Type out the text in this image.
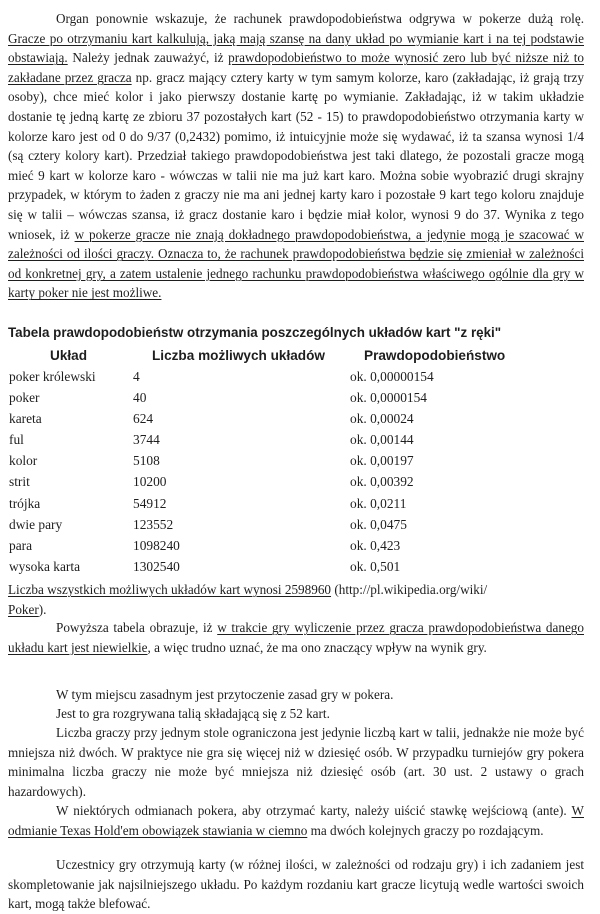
Organ ponownie wskazuje, że rachunek prawdopodobieństwa odgrywa w pokerze dużą rolę. Gracze po otrzymaniu kart kalkulują, jaką mają szansę na dany układ po wymianie kart i na tej podstawie obstawiają. Należy jednak zauważyć, iż prawdopodobieństwo to może wynosić zero lub być niższe niż to zakładane przez gracza np. gracz mający cztery karty w tym samym kolorze, karo (zakładając, iż grają trzy osoby), chce mieć kolor i jako pierwszy dostanie kartę po wymianie. Zakładając, iż w takim układzie dostanie tę jedną kartę ze zbioru 37 pozostałych kart (52 - 15) to prawdopodobieństwo otrzymania karty w kolorze karo jest od 0 do 9/37 (0,2432) pomimo, iż intuicyjnie może się wydawać, iż ta szansa wynosi 1/4 (są cztery kolory kart). Przedział takiego prawdopodobieństwa jest taki dlatego, że pozostali gracze mogą mieć 9 kart w kolorze karo - wówczas w talii nie ma już kart karo. Można sobie wyobrazić drugi skrajny przypadek, w którym to żaden z graczy nie ma ani jednej karty karo i pozostałe 9 kart tego koloru znajduje się w talii – wówczas szansa, iż gracz dostanie karo i będzie miał kolor, wynosi 9 do 37. Wynika z tego wniosek, iż w pokerze gracze nie znają dokładnego prawdopodobieństwa, a jedynie mogą je szacować w zależności od ilości graczy. Oznacza to, że rachunek prawdopodobieństwa będzie się zmieniał w zależności od konkretnej gry, a zatem ustalenie jednego rachunku prawdopodobieństwa właściwego ogólnie dla gry w karty poker nie jest możliwe.

Tabela prawdopodobieństw otrzymania poszczególnych układów kart "z ręki"

Układ	Liczba możliwych układów	Prawdopodobieństwo
poker królewski	4	ok. 0,00000154
poker	40	ok. 0,0000154
kareta	624	ok. 0,00024
ful	3744	ok. 0,00144
kolor	5108	ok. 0,00197
strit	10200	ok. 0,00392
trójka	54912	ok. 0,0211
dwie pary	123552	ok. 0,0475
para	1098240	ok. 0,423
wysoka karta	1302540	ok. 0,501

Liczba wszystkich możliwych układów kart wynosi 2598960 (http://pl.wikipedia.org/wiki/
Poker).

Powyższa tabela obrazuje, iż w trakcie gry wyliczenie przez gracza prawdopodobieństwa danego układu kart jest niewielkie, a więc trudno uznać, że ma ono znaczący wpływ na wynik gry.

W tym miejscu zasadnym jest przytoczenie zasad gry w pokera.

Jest to gra rozgrywana talią składającą się z 52 kart.

Liczba graczy przy jednym stole ograniczona jest jedynie liczbą kart w talii, jednakże nie może być mniejsza niż dwóch. W praktyce nie gra się więcej niż w dziesięć osób. W przypadku turniejów gry pokera minimalna liczba graczy nie może być mniejsza niż dziesięć osób (art. 30 ust. 2 ustawy o grach hazardowych).

W niektórych odmianach pokera, aby otrzymać karty, należy uiścić stawkę wejściową (ante). W odmianie Texas Hold'em obowiązek stawiania w ciemno ma dwóch kolejnych graczy po rozdającym.

Uczestnicy gry otrzymują karty (w różnej ilości, w zależności od rodzaju gry) i ich zadaniem jest skompletowanie jak najsilniejszego układu. Po każdym rozdaniu kart gracze licytują wedle wartości swoich kart, mogą także blefować.
